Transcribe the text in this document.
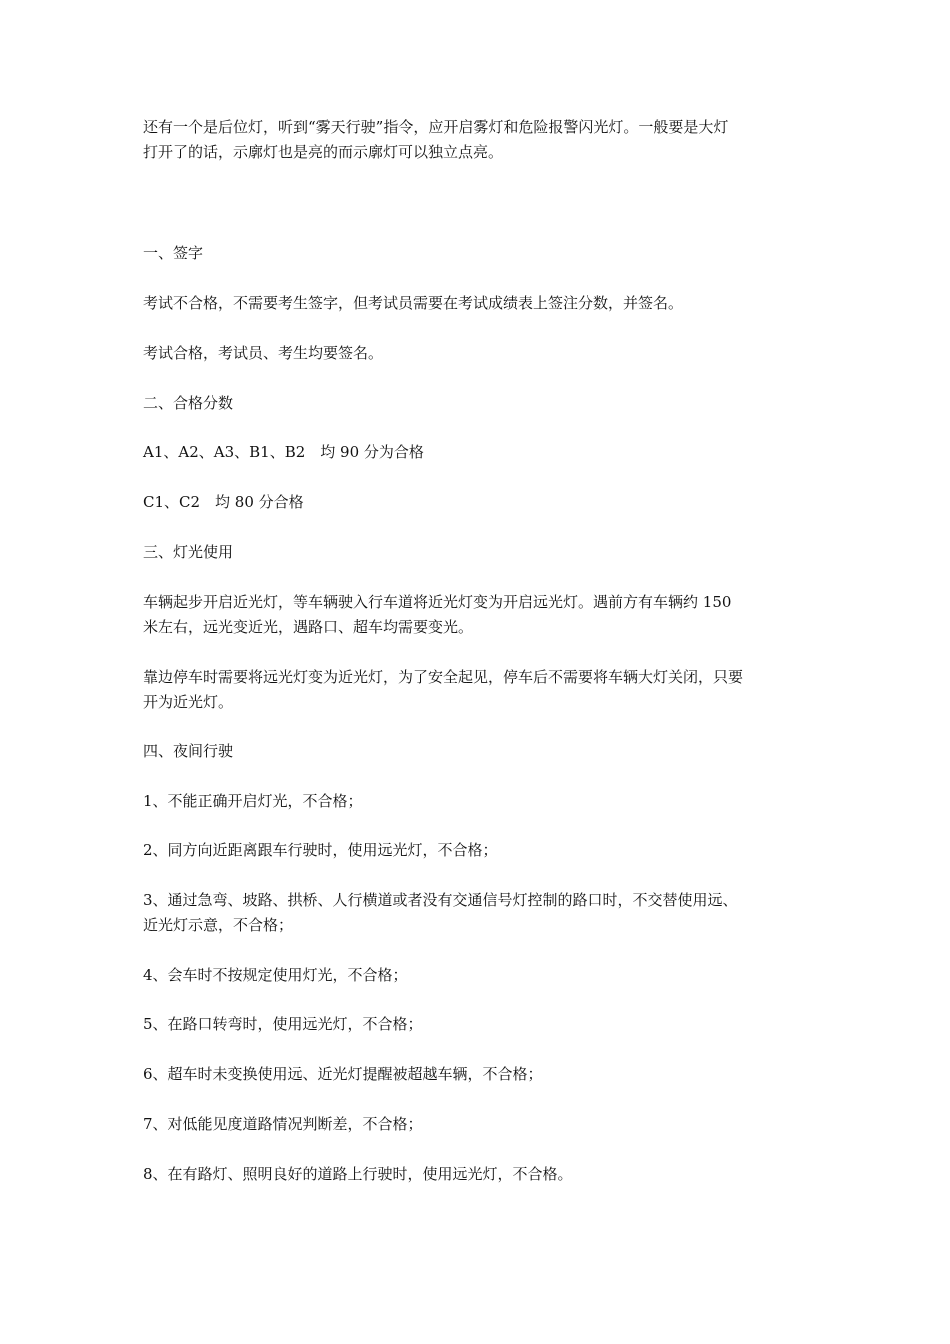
还有一个是后位灯，听到“雾天行驶”指令，应开启雾灯和危险报警闪光灯。一般要是大灯
打开了的话，示廓灯也是亮的而示廓灯可以独立点亮。
一、签字
考试不合格，不需要考生签字，但考试员需要在考试成绩表上签注分数，并签名。
考试合格，考试员、考生均要签名。
二、合格分数
A1、A2、A3、B1、B2　均 90 分为合格
C1、C2　均 80 分合格
三、灯光使用
车辆起步开启近光灯，等车辆驶入行车道将近光灯变为开启远光灯。遇前方有车辆约 150
米左右，远光变近光，遇路口、超车均需要变光。
靠边停车时需要将远光灯变为近光灯，为了安全起见，停车后不需要将车辆大灯关闭，只要
开为近光灯。
四、夜间行驶
1、不能正确开启灯光，不合格；
2、同方向近距离跟车行驶时，使用远光灯，不合格；
3、通过急弯、坡路、拱桥、人行横道或者没有交通信号灯控制的路口时，不交替使用远、
近光灯示意，不合格；
4、会车时不按规定使用灯光，不合格；
5、在路口转弯时，使用远光灯，不合格；
6、超车时未变换使用远、近光灯提醒被超越车辆，不合格；
7、对低能见度道路情况判断差，不合格；
8、在有路灯、照明良好的道路上行驶时，使用远光灯，不合格。
